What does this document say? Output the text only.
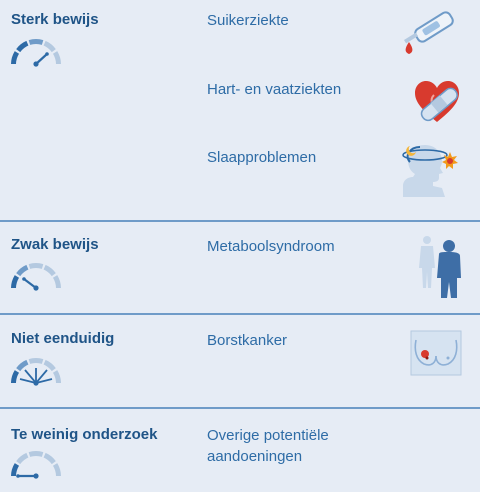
Sterk bewijs	Suikerziekte
Hart- en vaatziekten
Slaapproblemen
Zwak bewijs	Metaboolsyndroom
Niet eenduidig	Borstkanker
Te weinig onderzoek	Overige potentiële
aandoeningen
